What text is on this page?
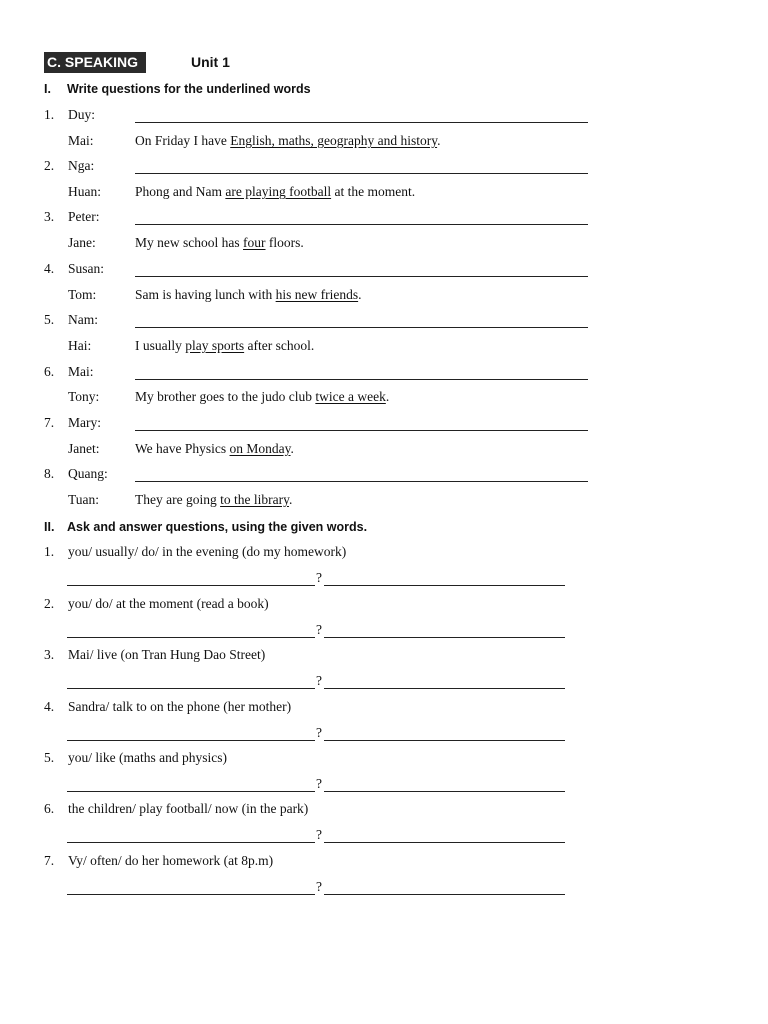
C. SPEAKING	Unit 1
I. Write questions for the underlined words
1.	Duy:
Mai:	On Friday I have English, maths, geography and history.
2.	Nga:
Huan:	Phong and Nam are playing football at the moment.
3.	Peter:
Jane:	My new school has four floors.
4.	Susan:
Tom:	Sam is having lunch with his new friends.
5.	Nam:
Hai:	I usually play sports after school.
6.	Mai:
Tony:	My brother goes to the judo club twice a week.
7.	Mary:
Janet:	We have Physics on Monday.
8.	Quang:
Tuan:	They are going to the library.
II. Ask and answer questions, using the given words.
1. you/ usually/ do/ in the evening (do my homework)
?
2. you/ do/ at the moment (read a book)
?
3. Mai/ live (on Tran Hung Dao Street)
?
4. Sandra/ talk to on the phone (her mother)
?
5. you/ like (maths and physics)
?
6. the children/ play football/ now (in the park)
?
7. Vy/ often/ do her homework (at 8p.m)
?
